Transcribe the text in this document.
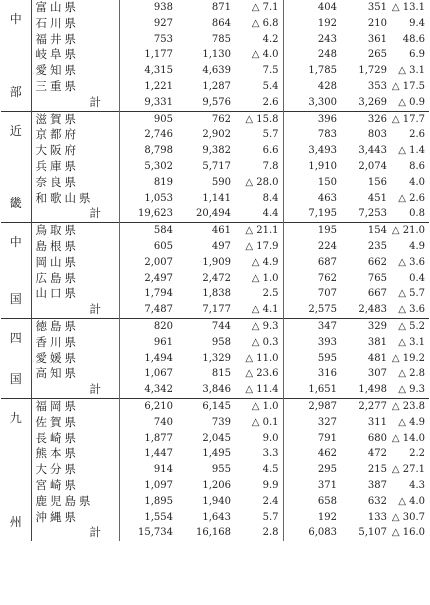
中
部	富山県	938	871	△ 7.1	404	351	△ 13.1
	石川県	927	864	△ 6.8	192	210	9.4
	福井県	753	785	4.2	243	361	48.6
	岐阜県	1,177	1,130	△ 4.0	248	265	6.9
	愛知県	4,315	4,639	7.5	1,785	1,729	△ 3.1
	三重県	1,221	1,287	5.4	428	353	△ 17.5
	計	9,331	9,576	2.6	3,300	3,269	△ 0.9

近
畿	滋賀県	905	762	△ 15.8	396	326	△ 17.7
	京都府	2,746	2,902	5.7	783	803	2.6
	大阪府	8,798	9,382	6.6	3,493	3,443	△ 1.4
	兵庫県	5,302	5,717	7.8	1,910	2,074	8.6
	奈良県	819	590	△ 28.0	150	156	4.0
	和歌山県	1,053	1,141	8.4	463	451	△ 2.6
	計	19,623	20,494	4.4	7,195	7,253	0.8

中
国	鳥取県	584	461	△ 21.1	195	154	△ 21.0
	島根県	605	497	△ 17.9	224	235	4.9
	岡山県	2,007	1,909	△ 4.9	687	662	△ 3.6
	広島県	2,497	2,472	△ 1.0	762	765	0.4
	山口県	1,794	1,838	2.5	707	667	△ 5.7
	計	7,487	7,177	△ 4.1	2,575	2,483	△ 3.6

四
国	徳島県	820	744	△ 9.3	347	329	△ 5.2
	香川県	961	958	△ 0.3	393	381	△ 3.1
	愛媛県	1,494	1,329	△ 11.0	595	481	△ 19.2
	高知県	1,067	815	△ 23.6	316	307	△ 2.8
	計	4,342	3,846	△ 11.4	1,651	1,498	△ 9.3

九
州	福岡県	6,210	6,145	△ 1.0	2,987	2,277	△ 23.8
	佐賀県	740	739	△ 0.1	327	311	△ 4.9
	長崎県	1,877	2,045	9.0	791	680	△ 14.0
	熊本県	1,447	1,495	3.3	462	472	2.2
	大分県	914	955	4.5	295	215	△ 27.1
	宮崎県	1,097	1,206	9.9	371	387	4.3
	鹿児島県	1,895	1,940	2.4	658	632	△ 4.0
	沖縄県	1,554	1,643	5.7	192	133	△ 30.7
	計	15,734	16,168	2.8	6,083	5,107	△ 16.0
